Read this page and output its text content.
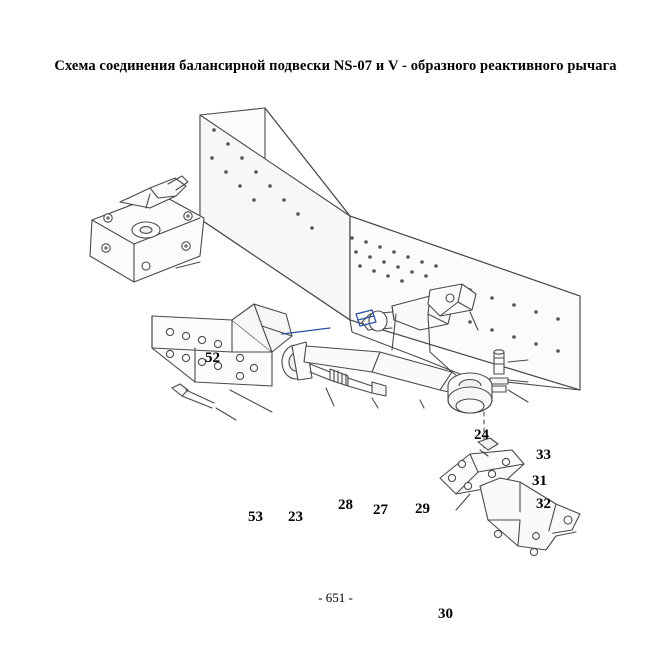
Схема соединения балансирной подвески NS-07 и V - образного реактивного рычага
52
24
33
31
32
53 23
28 27 29
30
- 651 -
